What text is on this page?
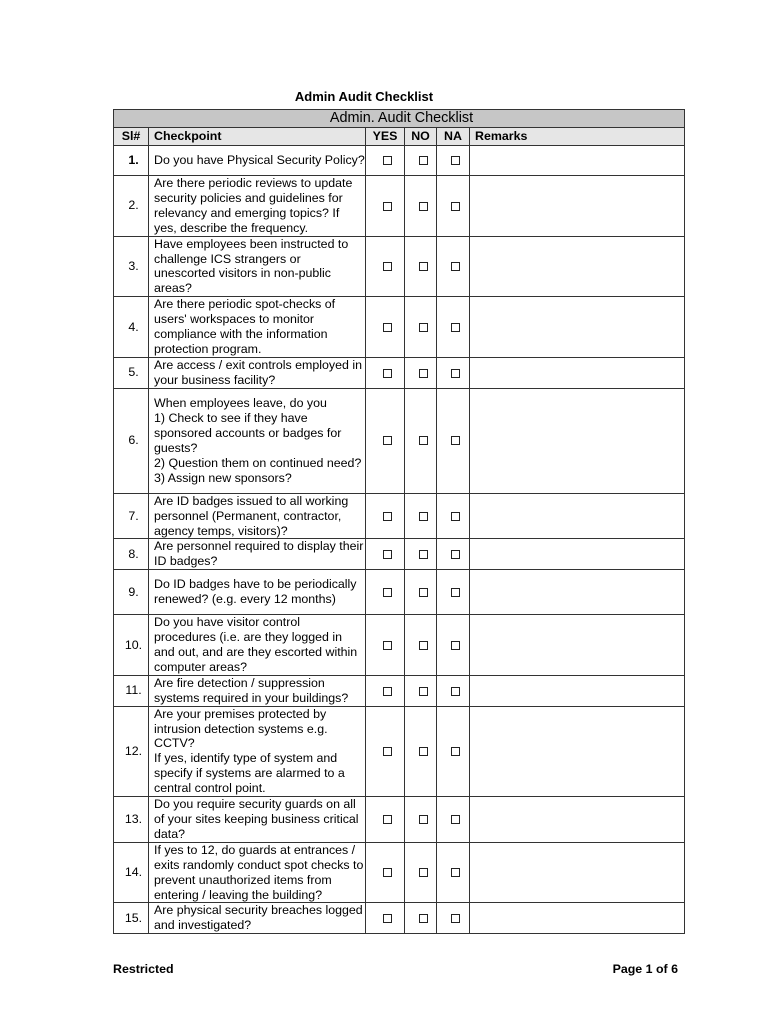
Admin Audit Checklist
Admin. Audit Checklist					
Sl#	Checkpoint	YES	NO	NA	Remarks
1.	Do you have Physical Security Policy?				
2.	Are there periodic reviews to update security policies and guidelines for relevancy and emerging topics? If yes, describe the frequency.				
3.	Have employees been instructed to challenge ICS strangers or unescorted visitors in non-public areas?				
4.	Are there periodic spot-checks of users' workspaces to monitor compliance with the information protection program.				
5.	Are access / exit controls employed in your business facility?				
6.	When employees leave, do you
1) Check to see if they have sponsored accounts or badges for guests?
2) Question them on continued need?
3) Assign new sponsors?				
7.	Are ID badges issued to all working personnel (Permanent, contractor, agency temps, visitors)?				
8.	Are personnel required to display their ID badges?				
9.	Do ID badges have to be periodically renewed? (e.g. every 12 months)				
10.	Do you have visitor control procedures (i.e. are they logged in and out, and are they escorted within computer areas?				
11.	Are fire detection / suppression systems required in your buildings?				
12.	Are your premises protected by intrusion detection systems e.g. CCTV?
If yes, identify type of system and specify if systems are alarmed to a central control point.				
13.	Do you require security guards on all of your sites keeping business critical data?				
14.	If yes to 12, do guards at entrances / exits randomly conduct spot checks to prevent unauthorized items from entering / leaving the building?				
15.	Are physical security breaches logged and investigated?				
Restricted	Page 1 of 6
